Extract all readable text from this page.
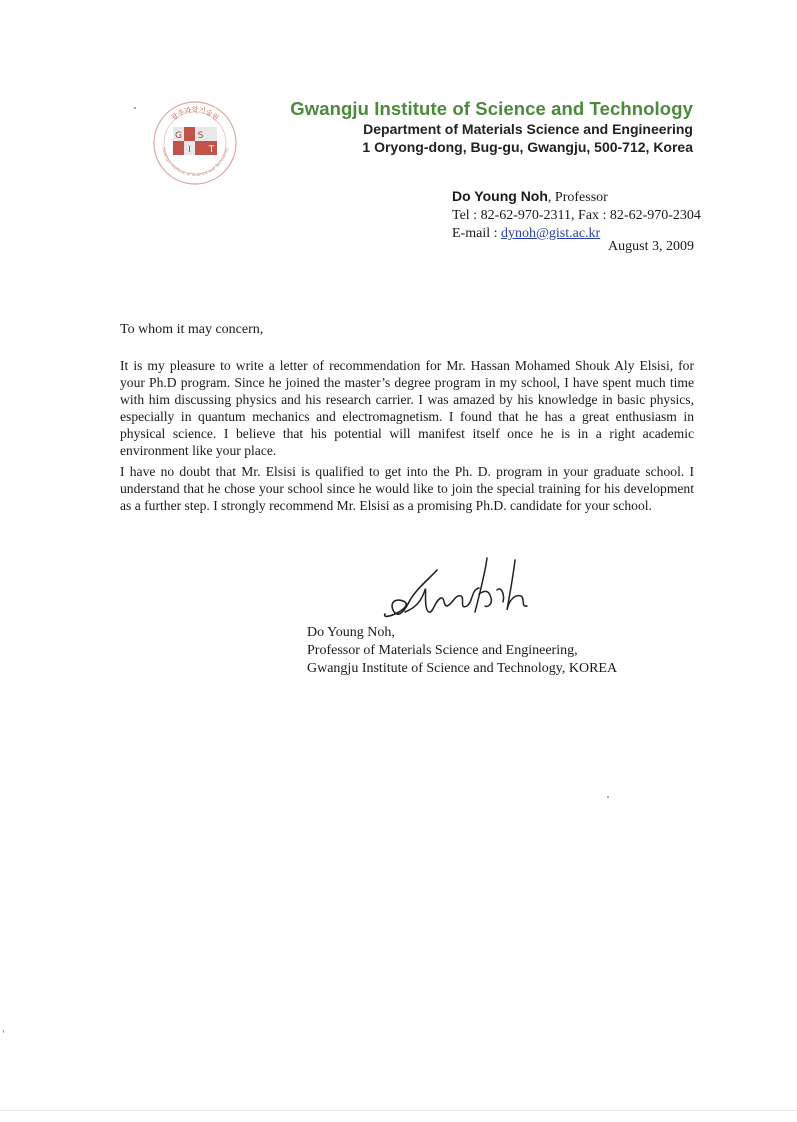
광주과학기술원
Gwangju Institute of Science and Technology
G
I
S
T
Gwangju Institute of Science and Technology
Department of Materials Science and Engineering
1 Oryong-dong, Bug-gu, Gwangju, 500-712, Korea
Do Young Noh, Professor
Tel : 82-62-970-2311, Fax : 82-62-970-2304
E-mail : dynoh@gist.ac.kr
August 3, 2009
To whom it may concern,

It is my pleasure to write a letter of recommendation for Mr. Hassan Mohamed Shouk Aly Elsisi, for your Ph.D program. Since he joined the master’s degree program in my school, I have spent much time with him discussing physics and his research carrier. I was amazed by his knowledge in basic physics, especially in quantum mechanics and electromagnetism. I found that he has a great enthusiasm in physical science. I believe that his potential will manifest itself once he is in a right academic environment like your place.

I have no doubt that Mr. Elsisi is qualified to get into the Ph. D. program in your graduate school. I understand that he chose your school since he would like to join the special training for his development as a further step. I strongly recommend Mr. Elsisi as a promising Ph.D. candidate for your school.

Do Young Noh,
Professor of Materials Science and Engineering,
Gwangju Institute of Science and Technology, KOREA
